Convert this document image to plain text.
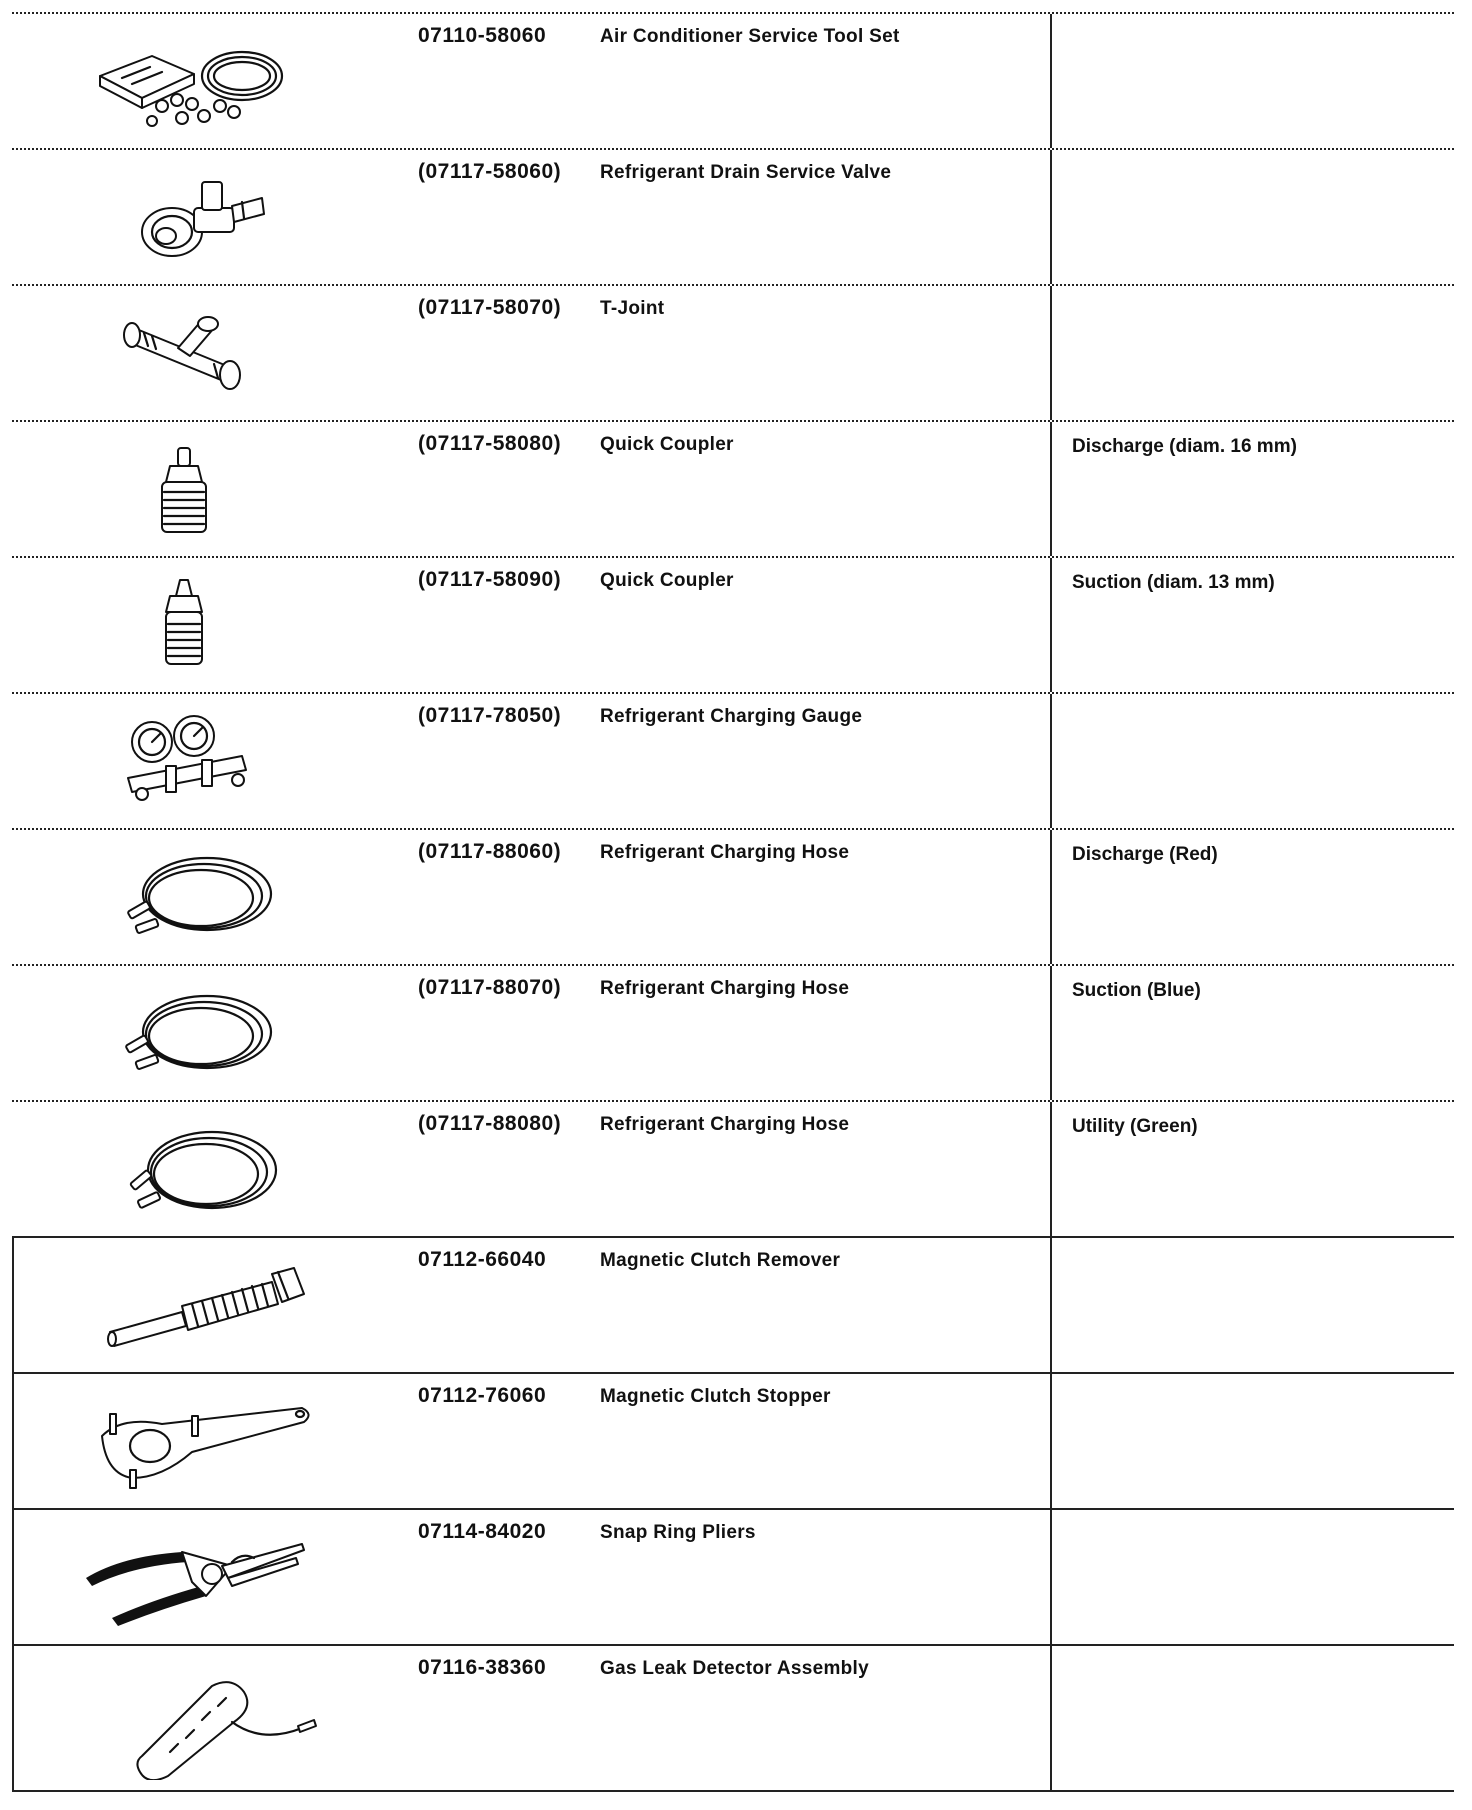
07110-58060	Air Conditioner Service Tool Set
(07117-58060) Refrigerant Drain Service Valve
(07117-58070) T-Joint
(07117-58080) Quick Coupler	Discharge (diam. 16 mm)
(07117-58090) Quick Coupler	Suction (diam. 13 mm)
(07117-78050) Refrigerant Charging Gauge
(07117-88060) Refrigerant Charging Hose	Discharge (Red)
(07117-88070) Refrigerant Charging Hose	Suction (Blue)
(07117-88080) Refrigerant Charging Hose	Utility (Green)
07112-66040	Magnetic Clutch Remover
07112-76060	Magnetic Clutch Stopper
07114-84020	Snap Ring Pliers
07116-38360	Gas Leak Detector Assembly
